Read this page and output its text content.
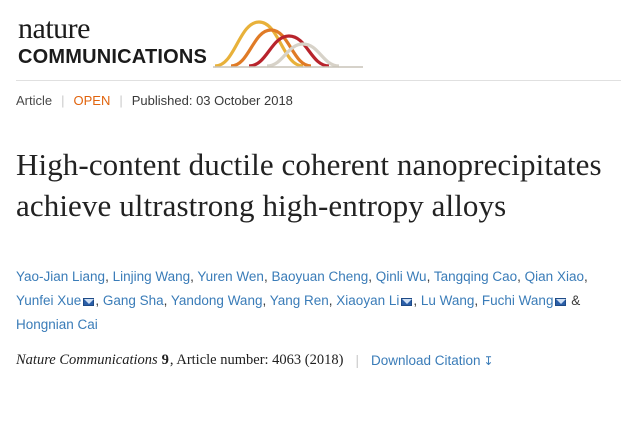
nature
COMMUNICATIONS
Article | OPEN | Published: 03 October 2018
High-content ductile coherent nanoprecipitates achieve ultrastrong high-entropy alloys
Yao-Jian Liang, Linjing Wang, Yuren Wen, Baoyuan Cheng, Qinli Wu, Tangqing Cao, Qian Xiao, Yunfei Xue , Gang Sha, Yandong Wang, Yang Ren, Xiaoyan Li , Lu Wang, Fuchi Wang & Hongnian Cai
Nature Communications 9 , Article number: 4063 (2018) | Download Citation ↧
